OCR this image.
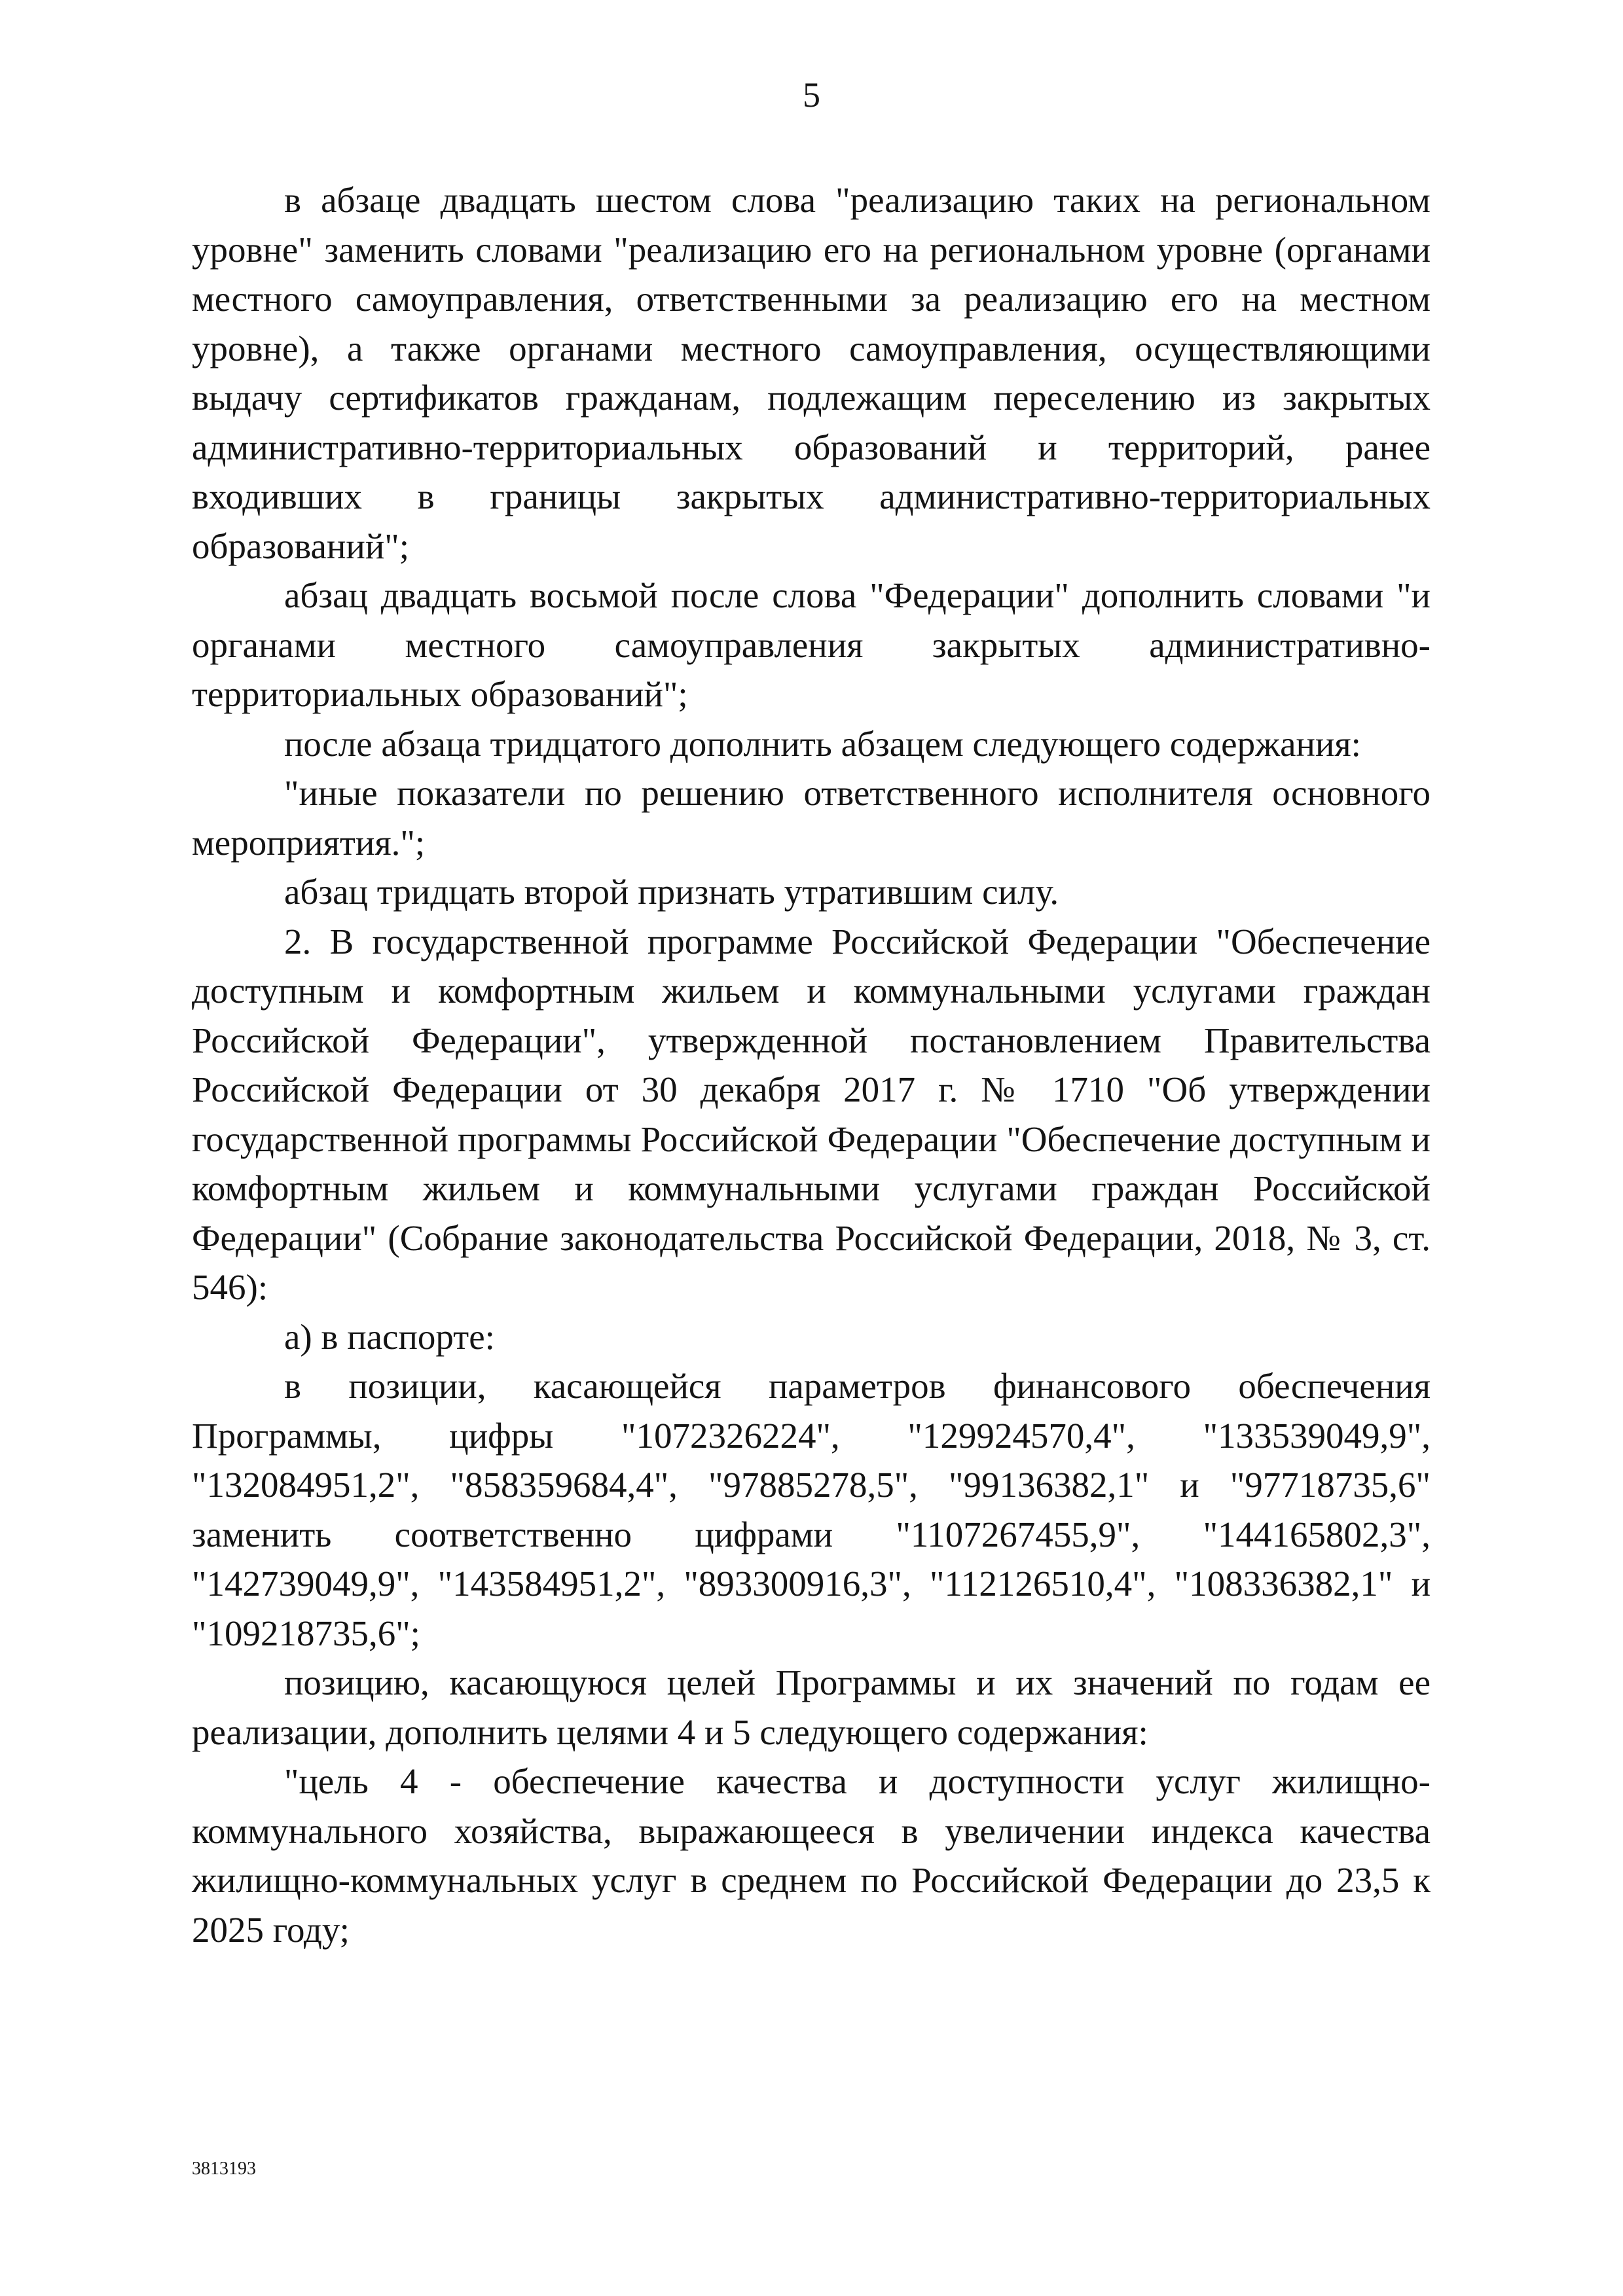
5

в абзаце двадцать шестом слова "реализацию таких на региональном уровне" заменить словами "реализацию его на региональном уровне (органами местного самоуправления, ответственными за реализацию его на местном уровне), а также органами местного самоуправления, осуществляющими выдачу сертификатов гражданам, подлежащим переселению из закрытых административно-территориальных образований и территорий, ранее входивших в границы закрытых административно-территориальных образований";

абзац двадцать восьмой после слова "Федерации" дополнить словами "и органами местного самоуправления закрытых административно-территориальных образований";

после абзаца тридцатого дополнить абзацем следующего содержания:

"иные показатели по решению ответственного исполнителя основного мероприятия.";

абзац тридцать второй признать утратившим силу.

2. В государственной программе Российской Федерации "Обеспечение доступным и комфортным жильем и коммунальными услугами граждан Российской Федерации", утвержденной постановлением Правительства Российской Федерации от 30 декабря 2017 г. № 1710 "Об утверждении государственной программы Российской Федерации "Обеспечение доступным и комфортным жильем и коммунальными услугами граждан Российской Федерации" (Собрание законодательства Российской Федерации, 2018, № 3, ст. 546):

а) в паспорте:

в позиции, касающейся параметров финансового обеспечения Программы, цифры "1072326224", "129924570,4", "133539049,9", "132084951,2", "858359684,4", "97885278,5", "99136382,1" и "97718735,6" заменить соответственно цифрами "1107267455,9", "144165802,3", "142739049,9", "143584951,2", "893300916,3", "112126510,4", "108336382,1" и "109218735,6";

позицию, касающуюся целей Программы и их значений по годам ее реализации, дополнить целями 4 и 5 следующего содержания:

"цель 4 - обеспечение качества и доступности услуг жилищно-коммунального хозяйства, выражающееся в увеличении индекса качества жилищно-коммунальных услуг в среднем по Российской Федерации до 23,5 к 2025 году;

3813193
